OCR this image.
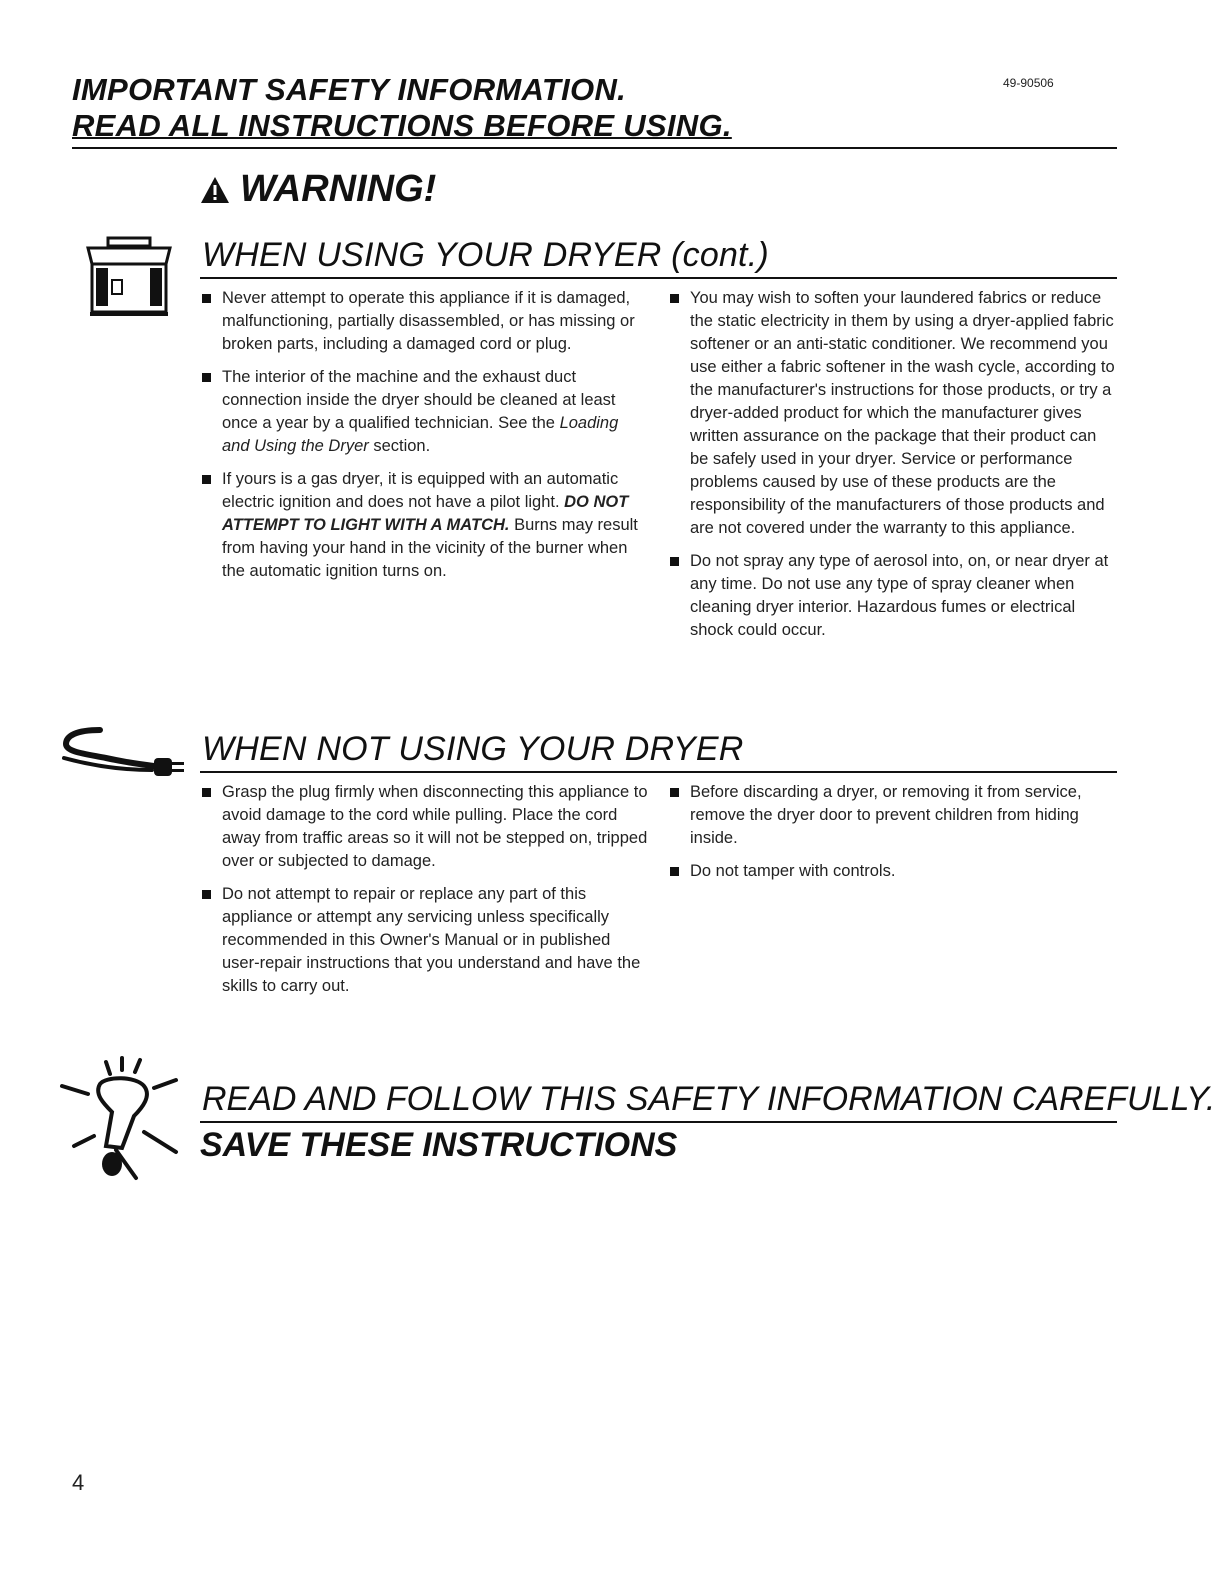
IMPORTANT SAFETY INFORMATION.
READ ALL INSTRUCTIONS BEFORE USING.
49-90506
WARNING!
WHEN USING YOUR DRYER (cont.)
Never attempt to operate this appliance if it is damaged, malfunctioning, partially disassembled, or has missing or broken parts, including a damaged cord or plug.
The interior of the machine and the exhaust duct connection inside the dryer should be cleaned at least once a year by a qualified technician. See the Loading and Using the Dryer section.
If yours is a gas dryer, it is equipped with an automatic electric ignition and does not have a pilot light. DO NOT ATTEMPT TO LIGHT WITH A MATCH. Burns may result from having your hand in the vicinity of the burner when the automatic ignition turns on.
You may wish to soften your laundered fabrics or reduce the static electricity in them by using a dryer-applied fabric softener or an anti-static conditioner. We recommend you use either a fabric softener in the wash cycle, according to the manufacturer's instructions for those products, or try a dryer-added product for which the manufacturer gives written assurance on the package that their product can be safely used in your dryer. Service or performance problems caused by use of these products are the responsibility of the manufacturers of those products and are not covered under the warranty to this appliance.
Do not spray any type of aerosol into, on, or near dryer at any time. Do not use any type of spray cleaner when cleaning dryer interior. Hazardous fumes or electrical shock could occur.
WHEN NOT USING YOUR DRYER
Grasp the plug firmly when disconnecting this appliance to avoid damage to the cord while pulling. Place the cord away from traffic areas so it will not be stepped on, tripped over or subjected to damage.
Do not attempt to repair or replace any part of this appliance or attempt any servicing unless specifically recommended in this Owner's Manual or in published user-repair instructions that you understand and have the skills to carry out.
Before discarding a dryer, or removing it from service, remove the dryer door to prevent children from hiding inside.
Do not tamper with controls.
READ AND FOLLOW THIS SAFETY INFORMATION CAREFULLY.
SAVE THESE INSTRUCTIONS
4
